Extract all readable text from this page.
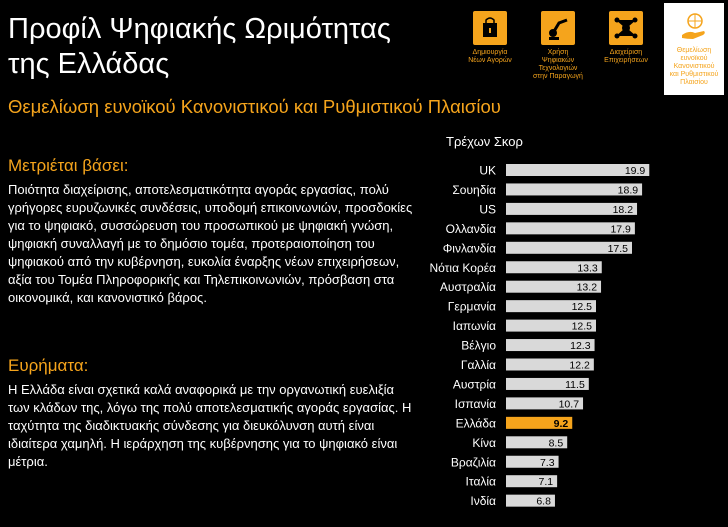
Προφίλ Ψηφιακής Ωριμότητας
της Ελλάδας
Θεμελίωση ευνοϊκού Κανονιστικού και Ρυθμιστικού Πλαισίου
Δημιουργία
Νέων Αγορών
Χρήση
Ψηφιακών
Τεχνολογιών
στην Παραγωγή
Διαχείριση
Επιχειρήσεων
Θεμελίωση
ευνοϊκού
Κανονιστικού
και Ρυθμιστικού
Πλαισίου
Μετριέται βάσει:

Ποιότητα διαχείρισης, αποτελεσματικότητα αγοράς εργασίας, πολύ γρήγορες ευρυζωνικές συνδέσεις, υποδομή επικοινωνιών, προσδοκίες για το ψηφιακό, συσσώρευση του προσωπικού με ψηφιακή γνώση, ψηφιακή συναλλαγή με το δημόσιο τομέα, προτεραιοποίηση του ψηφιακού από την κυβέρνηση, ευκολία έναρξης νέων επιχειρήσεων, αξία του Τομέα Πληροφορικής και Τηλεπικοινωνιών, πρόσβαση στα οικονομικά, και κανονιστικό βάρος.

Ευρήματα:

Η Ελλάδα είναι σχετικά καλά αναφορικά με την οργανωτική ευελιξία των κλάδων της, λόγω της πολύ αποτελεσματικής αγοράς εργασίας. Η ταχύτητα της διαδικτυακής σύνδεσης για διευκόλυνση αυτή είναι ιδιαίτερα χαμηλή. Η ιεράρχηση της κυβέρνησης για το ψηφιακό είναι μέτρια.

Τρέχων Σκορ
UK	19.9
Σουηδία	18.9
US	18.2
Ολλανδία	17.9
Φινλανδία	17.5
Νότια Κορέα	13.3
Αυστραλία	13.2
Γερμανία	12.5
Ιαπωνία	12.5
Βέλγιο	12.3
Γαλλία	12.2
Αυστρία	11.5
Ισπανία	10.7
Ελλάδα	9.2
Κίνα	8.5
Βραζιλία	7.3
Ιταλία	7.1
Ινδία	6.8
